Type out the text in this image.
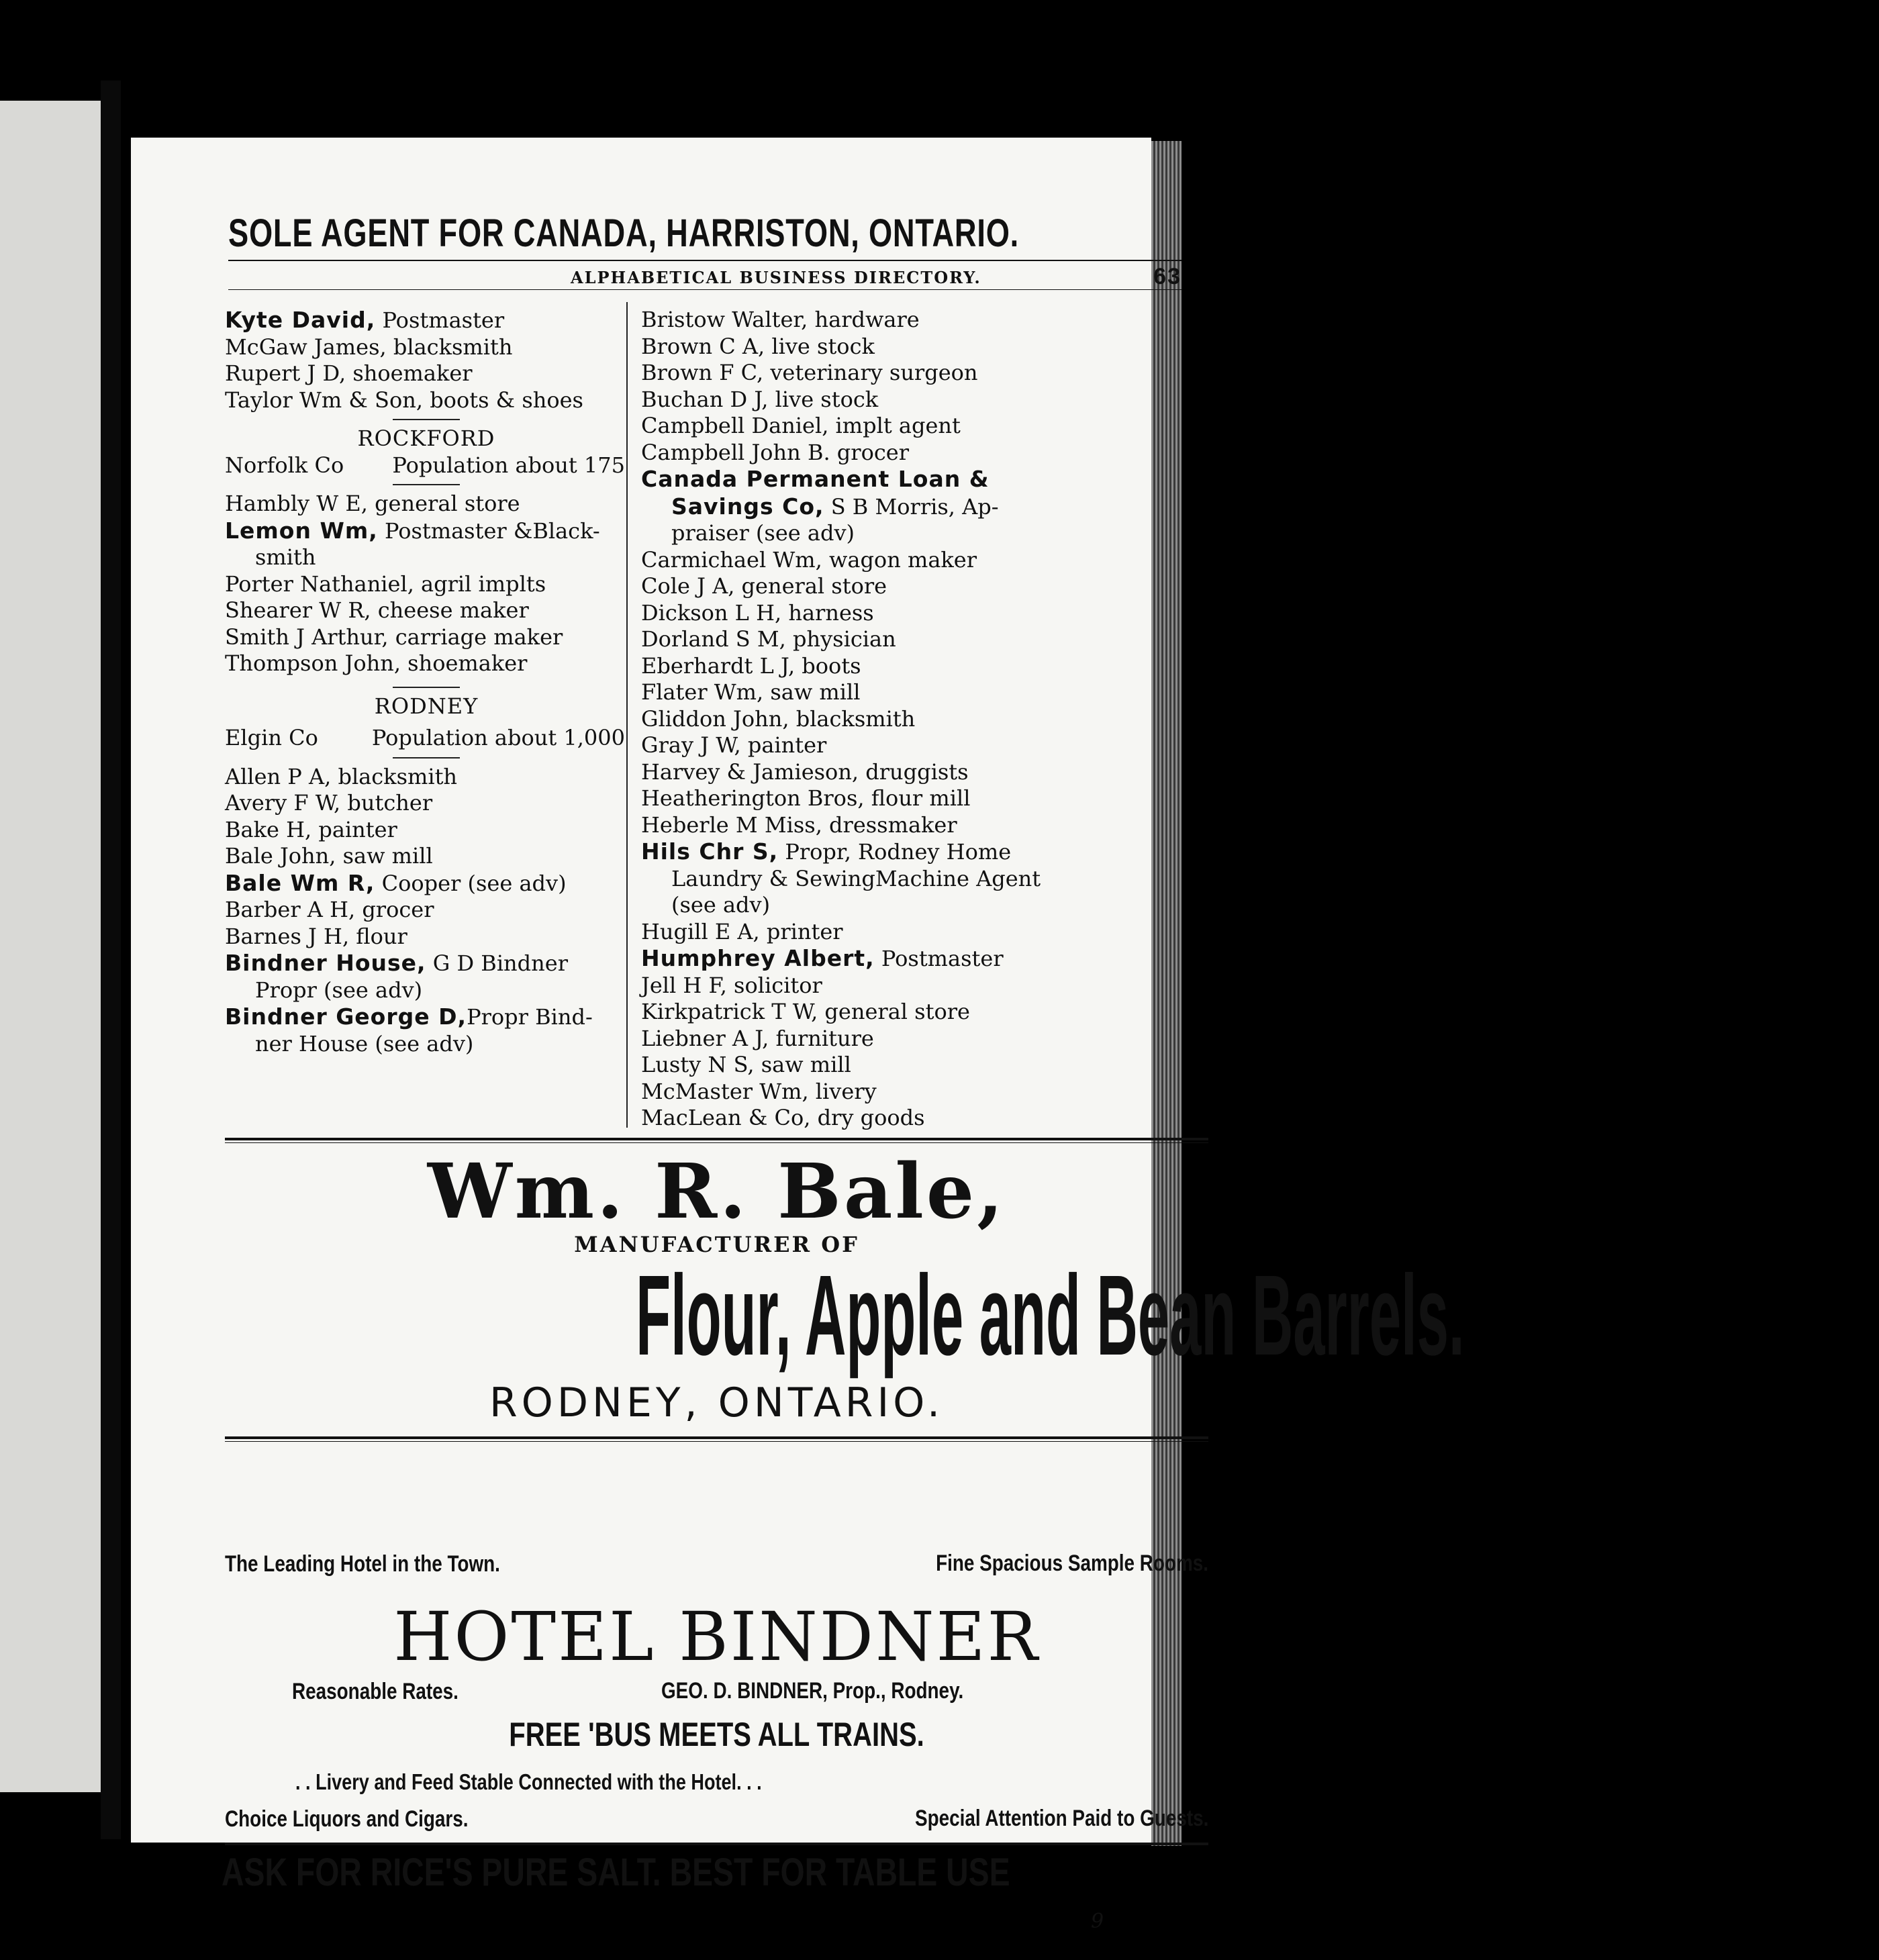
SOLE AGENT FOR CANADA, HARRISTON, ONTARIO.
ALPHABETICAL BUSINESS DIRECTORY.	63
Kyte David, Postmaster
McGaw James, blacksmith
Rupert J D, shoemaker
Taylor Wm & Son, boots & shoes
ROCKFORD
Norfolk Co Population about 175
Hambly W E, general store
Lemon Wm, Postmaster &Black-
smith
Porter Nathaniel, agril implts
Shearer W R, cheese maker
Smith J Arthur, carriage maker
Thompson John, shoemaker
RODNEY
Elgin Co	Population about 1,000
Allen P A, blacksmith
Avery F W, butcher
Bake H, painter
Bale John, saw mill
Bale Wm R, Cooper (see adv)
Barber A H, grocer
Barnes J H, flour
Bindner House, G D Bindner
Propr (see adv)
Bindner George D,Propr Bind-
ner House (see adv)
Bristow Walter, hardware
Brown C A, live stock
Brown F C, veterinary surgeon
Buchan D J, live stock
Campbell Daniel, implt agent
Campbell John B. grocer
Canada Permanent Loan &
Savings Co, S B Morris, Ap-
praiser (see adv)
Carmichael Wm, wagon maker
Cole J A, general store
Dickson L H, harness
Dorland S M, physician
Eberhardt L J, boots
Flater Wm, saw mill
Gliddon John, blacksmith
Gray J W, painter
Harvey & Jamieson, druggists
Heatherington Bros, flour mill
Heberle M Miss, dressmaker
Hils Chr S, Propr, Rodney Home
Laundry & SewingMachine Agent
(see adv)
Hugill E A, printer
Humphrey Albert, Postmaster
Jell H F, solicitor
Kirkpatrick T W, general store
Liebner A J, furniture
Lusty N S, saw mill
McMaster Wm, livery
MacLean & Co, dry goods
Wm. R. Bale,
MANUFACTURER OF
Flour, Apple and Bean Barrels.
RODNEY, ONTARIO.
The Leading Hotel in the Town.	Fine Spacious Sample Rooms.
HOTEL BINDNER
Reasonable Rates.	GEO. D. BINDNER, Prop., Rodney.
FREE 'BUS MEETS ALL TRAINS.
. . Livery and Feed Stable Connected with the Hotel. . .
Choice Liquors and Cigars.	Special Attention Paid to Guests.
ASK FOR RICE'S PURE SALT. BEST FOR TABLE USE
9
